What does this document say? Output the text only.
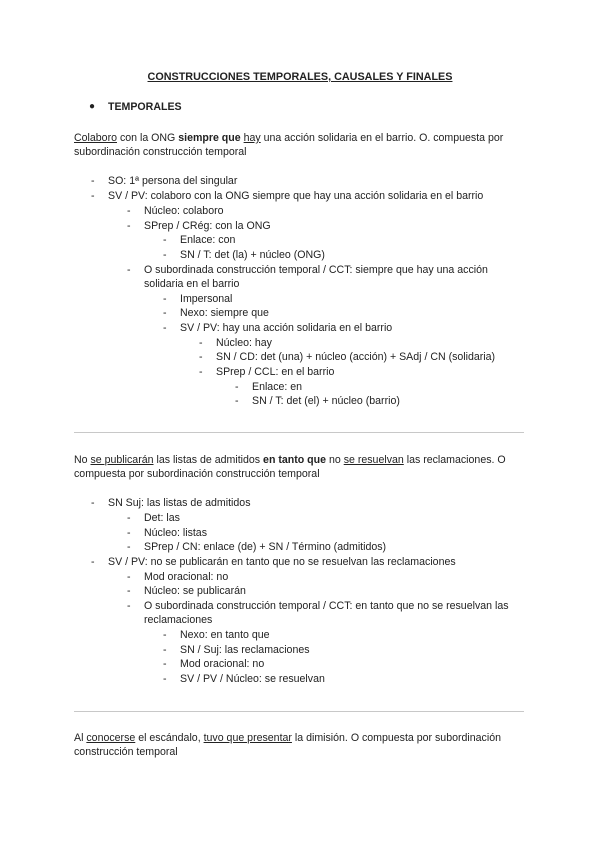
CONSTRUCCIONES TEMPORALES, CAUSALES Y FINALES
● TEMPORALES
Colaboro con la ONG siempre que hay una acción solidaria en el barrio. O. compuesta por
subordinación construcción temporal
- SO: 1ª persona del singular
- SV / PV: colaboro con la ONG siempre que hay una acción solidaria en el barrio
- Núcleo: colaboro
- SPrep / CRég: con la ONG
- Enlace: con
- SN / T: det (la) + núcleo (ONG)
- O subordinada construcción temporal / CCT: siempre que hay una acción
solidaria en el barrio
- Impersonal
- Nexo: siempre que
- SV / PV: hay una acción solidaria en el barrio
- Núcleo: hay
- SN / CD: det (una) + núcleo (acción) + SAdj / CN (solidaria)
- SPrep / CCL: en el barrio
- Enlace: en
- SN / T: det (el) + núcleo (barrio)
No se publicarán las listas de admitidos en tanto que no se resuelvan las reclamaciones. O
compuesta por subordinación construcción temporal
- SN Suj: las listas de admitidos
- Det: las
- Núcleo: listas
- SPrep / CN: enlace (de) + SN / Término (admitidos)
- SV / PV: no se publicarán en tanto que no se resuelvan las reclamaciones
- Mod oracional: no
- Núcleo: se publicarán
- O subordinada construcción temporal / CCT: en tanto que no se resuelvan las
reclamaciones
- Nexo: en tanto que
- SN / Suj: las reclamaciones
- Mod oracional: no
- SV / PV / Núcleo: se resuelvan
Al conocerse el escándalo, tuvo que presentar la dimisión. O compuesta por subordinación
construcción temporal
